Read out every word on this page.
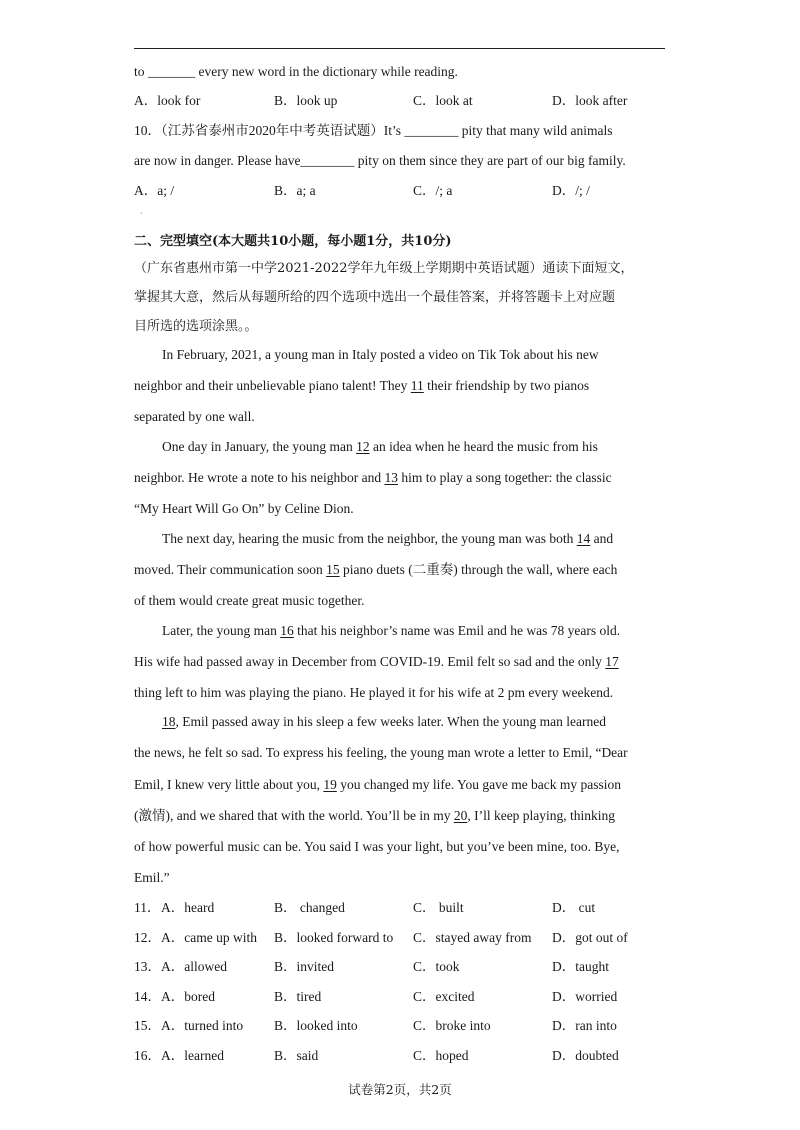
to _______ every new word in the dictionary while reading.
A．look for	B．look up	C．look at	D．look after
10．（江苏省泰州市2020年中考英语试题）It’s ________ pity that many wild animals
are now in danger. Please have________ pity on them since they are part of our big family.
A．a; /	B．a; a	C．/; a	D．/; /
·
二、完型填空(本大题共10小题，每小题1分，共10分)
（广东省惠州市第一中学2021-2022学年九年级上学期期中英语试题）通读下面短文，
掌握其大意，然后从每题所给的四个选项中选出一个最佳答案，并将答题卡上对应题
目所选的选项涂黑。。
In February, 2021, a young man in Italy posted a video on Tik Tok about his new
neighbor and their unbelievable piano talent! They 11 their friendship by two pianos
separated by one wall.
One day in January, the young man 12 an idea when he heard the music from his
neighbor. He wrote a note to his neighbor and 13 him to play a song together: the classic
“My Heart Will Go On” by Celine Dion.
The next day, hearing the music from the neighbor, the young man was both 14 and
moved. Their communication soon 15 piano duets (二重奏) through the wall, where each
of them would create great music together.
Later, the young man 16 that his neighbor’s name was Emil and he was 78 years old.
His wife had passed away in December from COVID-19. Emil felt so sad and the only 17
thing left to him was playing the piano. He played it for his wife at 2 pm every weekend.
18, Emil passed away in his sleep a few weeks later. When the young man learned
the news, he felt so sad. To express his feeling, the young man wrote a letter to Emil, “Dear
Emil, I knew very little about you, 19 you changed my life. You gave me back my passion
(激情), and we shared that with the world. You’ll be in my 20, I’ll keep playing, thinking
of how powerful music can be. You said I was your light, but you’ve been mine, too. Bye,
Emil.”
11． A．heard	B． changed	C． built	D． cut
12． A．came up with B．looked forward to C．stayed away from D．got out of
13． A．allowed	B．invited	C．took	D．taught
14． A．bored	B．tired	C．excited	D．worried
15． A．turned into B．looked into	C．broke into	D．ran into
16． A．learned	B．said	C．hoped	D．doubted
试卷第2页，共2页
